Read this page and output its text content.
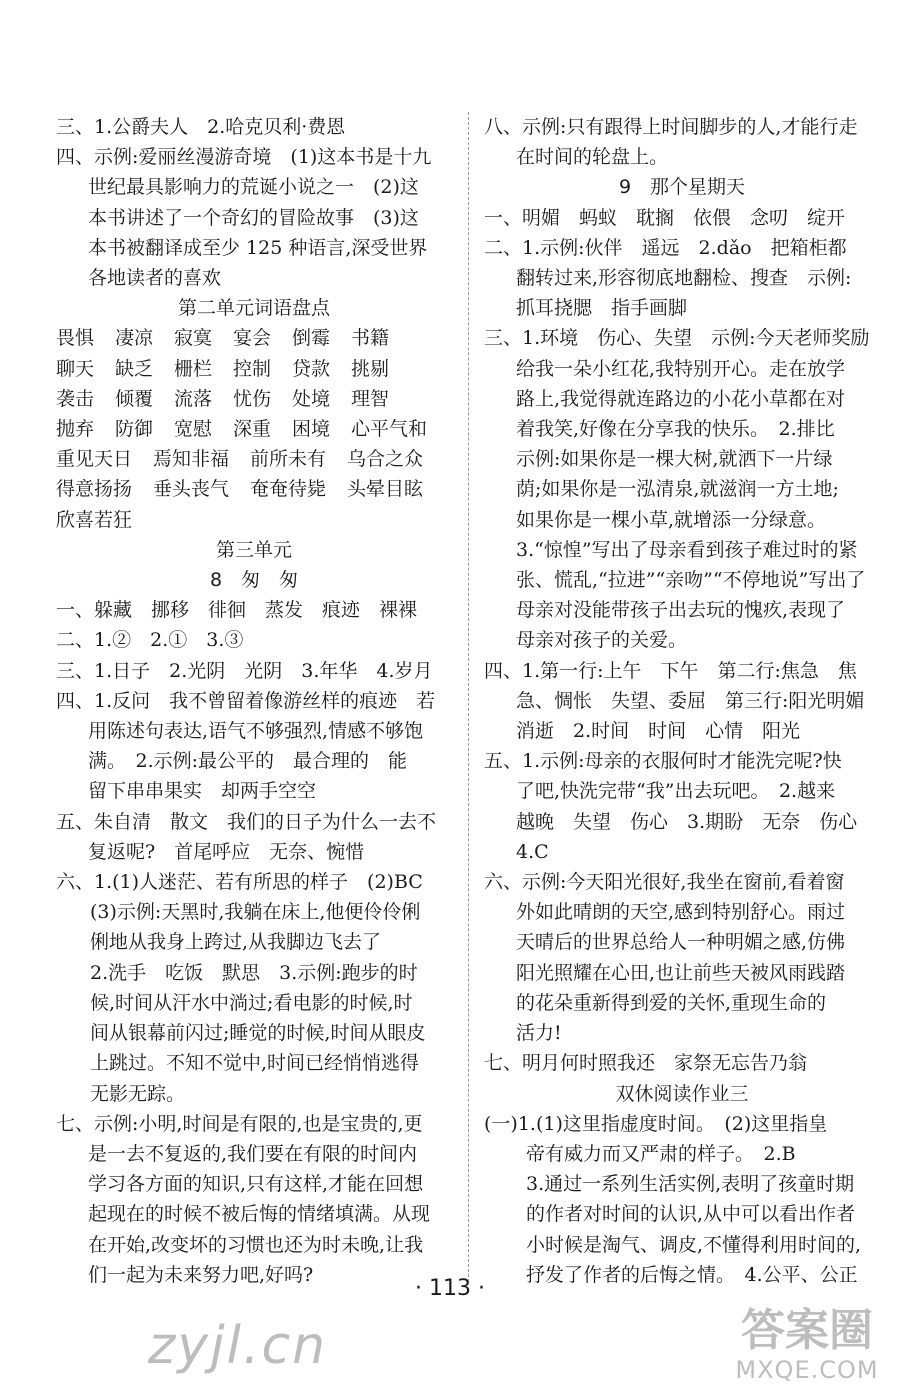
三、1.公爵夫人　2.哈克贝利·费恩

四、示例:爱丽丝漫游奇境　(1)这本书是十九

世纪最具影响力的荒诞小说之一　(2)这

本书讲述了一个奇幻的冒险故事　(3)这

本书被翻译成至少 125 种语言,深受世界

各地读者的喜欢

第二单元词语盘点

畏惧	凄凉	寂寞	宴会	倒霉	书籍
聊天	缺乏	栅栏	控制	贷款	挑剔
袭击	倾覆	流落	忧伤	处境	理智
抛弃	防御	宽慰	深重	困境	心平气和
重见天日	焉知非福	前所未有	乌合之众
得意扬扬	垂头丧气	奄奄待毙	头晕目眩
欣喜若狂

第三单元

8　匆　匆

一、躲藏　挪移　徘徊　蒸发　痕迹　裸裸

二、1.②　2.①　3.③

三、1.日子　2.光阴　光阴　3.年华　4.岁月

四、1.反问　我不曾留着像游丝样的痕迹　若

用陈述句表达,语气不够强烈,情感不够饱

满。　2.示例:最公平的　最合理的　能

留下串串果实　却两手空空

五、朱自清　散文　我们的日子为什么一去不

复返呢?　首尾呼应　无奈、惋惜

六、1.(1)人迷茫、若有所思的样子　(2)BC

(3)示例:天黑时,我躺在床上,他便伶伶俐

俐地从我身上跨过,从我脚边飞去了

2.洗手　吃饭　默思　3.示例:跑步的时

候,时间从汗水中淌过;看电影的时候,时

间从银幕前闪过;睡觉的时候,时间从眼皮

上跳过。不知不觉中,时间已经悄悄逃得

无影无踪。

七、示例:小明,时间是有限的,也是宝贵的,更

是一去不复返的,我们要在有限的时间内

学习各方面的知识,只有这样,才能在回想

起现在的时候不被后悔的情绪填满。从现

在开始,改变坏的习惯也还为时未晚,让我

们一起为未来努力吧,好吗?

八、示例:只有跟得上时间脚步的人,才能行走

在时间的轮盘上。

9　那个星期天

一、明媚　蚂蚁　耽搁　依偎　念叨　绽开

二、1.示例:伙伴　遥远　2.dǎo　把箱柜都

翻转过来,形容彻底地翻检、搜查　示例:

抓耳挠腮　指手画脚

三、1.环境　伤心、失望　示例:今天老师奖励

给我一朵小红花,我特别开心。走在放学

路上,我觉得就连路边的小花小草都在对

着我笑,好像在分享我的快乐。　2.排比

示例:如果你是一棵大树,就洒下一片绿

荫;如果你是一泓清泉,就滋润一方土地;

如果你是一棵小草,就增添一分绿意。

3.“惊惶”写出了母亲看到孩子难过时的紧

张、慌乱,“拉进”“亲吻”“不停地说”写出了

母亲对没能带孩子出去玩的愧疚,表现了

母亲对孩子的关爱。

四、1.第一行:上午　下午　第二行:焦急　焦

急、惆怅　失望、委屈　第三行:阳光明媚

消逝　2.时间　时间　心情　阳光

五、1.示例:母亲的衣服何时才能洗完呢?快

了吧,快洗完带“我”出去玩吧。　2.越来

越晚　失望　伤心　3.期盼　无奈　伤心

4.C

六、示例:今天阳光很好,我坐在窗前,看着窗

外如此晴朗的天空,感到特别舒心。雨过

天晴后的世界总给人一种明媚之感,仿佛

阳光照耀在心田,也让前些天被风雨践踏

的花朵重新得到爱的关怀,重现生命的

活力!

七、明月何时照我还　家祭无忘告乃翁

双休阅读作业三

(一)1.(1)这里指虚度时间。　(2)这里指皇

帝有威力而又严肃的样子。　2.B

3.通过一系列生活实例,表明了孩童时期

的作者对时间的认识,从中可以看出作者

小时候是淘气、调皮,不懂得利用时间的,

抒发了作者的后悔之情。　4.公平、公正

· 113 ·
zyjl.cn	答案圈
MXQE.COM
